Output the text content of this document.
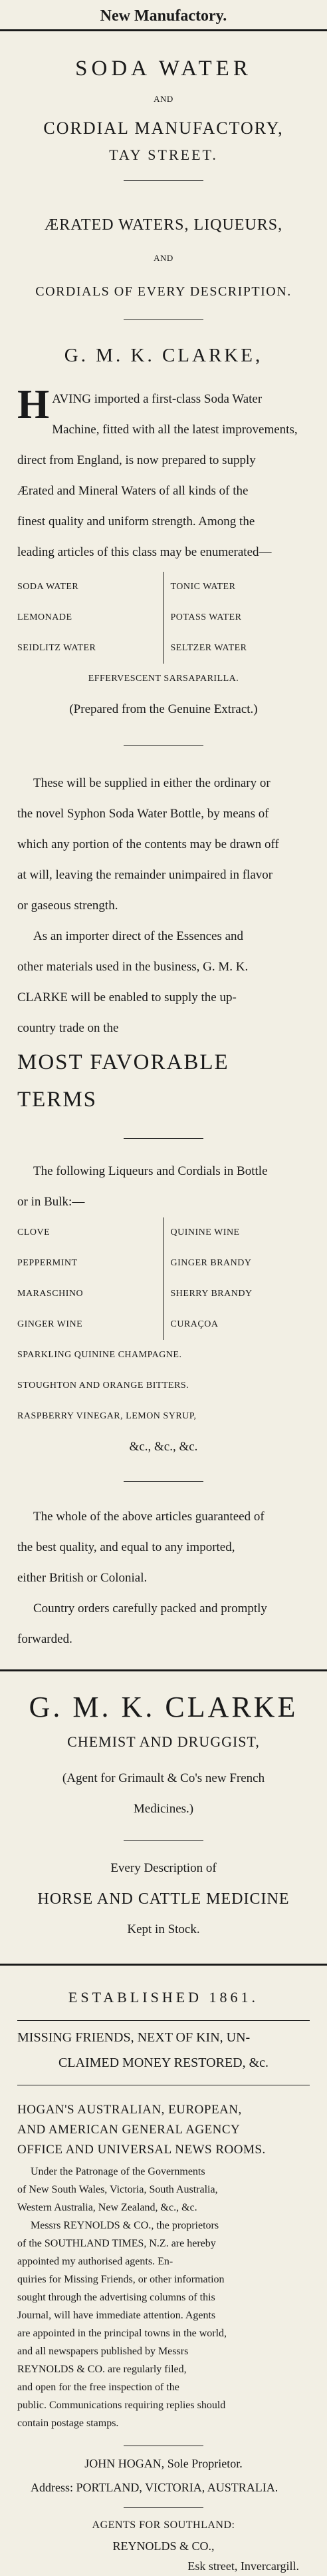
New Manufactory.
SODA WATER
AND
CORDIAL MANUFACTORY,
TAY STREET.
ÆRATED WATERS, LIQUEURS,
AND
CORDIALS OF EVERY DESCRIPTION.
G. M. K. CLARKE,
H AVING imported a first-class Soda Water
Machine, fitted with all the latest improvements,
direct from England, is now prepared to supply
Ærated and Mineral Waters of all kinds of the
finest quality and uniform strength. Among the
leading articles of this class may be enumerated—
SODA WATER
LEMONADE
SEIDLITZ WATER
TONIC WATER
POTASS WATER
SELTZER WATER
EFFERVESCENT SARSAPARILLA.
(Prepared from the Genuine Extract.)
These will be supplied in either the ordinary or
the novel Syphon Soda Water Bottle, by means of
which any portion of the contents may be drawn off
at will, leaving the remainder unimpaired in flavor
or gaseous strength.
As an importer direct of the Essences and
other materials used in the business, G. M. K.
CLARKE will be enabled to supply the up-
country trade on the
MOST FAVORABLE TERMS
The following Liqueurs and Cordials in Bottle
or in Bulk:—
CLOVE
PEPPERMINT
MARASCHINO
GINGER WINE
QUININE WINE
GINGER BRANDY
SHERRY BRANDY
CURAÇOA
SPARKLING QUININE CHAMPAGNE.
STOUGHTON AND ORANGE BITTERS.
RASPBERRY VINEGAR, LEMON SYRUP,
&c., &c., &c.
The whole of the above articles guaranteed of
the best quality, and equal to any imported,
either British or Colonial.
Country orders carefully packed and promptly
forwarded.
G. M. K. CLARKE
CHEMIST AND DRUGGIST,
(Agent for Grimault & Co's new French
Medicines.)
Every Description of
HORSE AND CATTLE MEDICINE
Kept in Stock.
ESTABLISHED 1861.
MISSING FRIENDS, NEXT OF KIN, UN-
CLAIMED MONEY RESTORED, &c.
HOGAN'S AUSTRALIAN, EUROPEAN,
AND AMERICAN GENERAL AGENCY
OFFICE AND UNIVERSAL NEWS ROOMS.
Under the Patronage of the Governments
of New South Wales, Victoria, South Australia,
Western Australia, New Zealand, &c., &c.
Messrs REYNOLDS & CO., the proprietors
of the SOUTHLAND TIMES, N.Z. are hereby
appointed my authorised agents. En-
quiries for Missing Friends, or other information
sought through the advertising columns of this
Journal, will have immediate attention. Agents
are appointed in the principal towns in the world,
and all newspapers published by Messrs
REYNOLDS & CO. are regularly filed,
and open for the free inspection of the
public. Communications requiring replies should
contain postage stamps.
JOHN HOGAN, Sole Proprietor.
Address: PORTLAND, VICTORIA, AUSTRALIA.
AGENTS FOR SOUTHLAND:
REYNOLDS & CO.,
Esk street, Invercargill.
